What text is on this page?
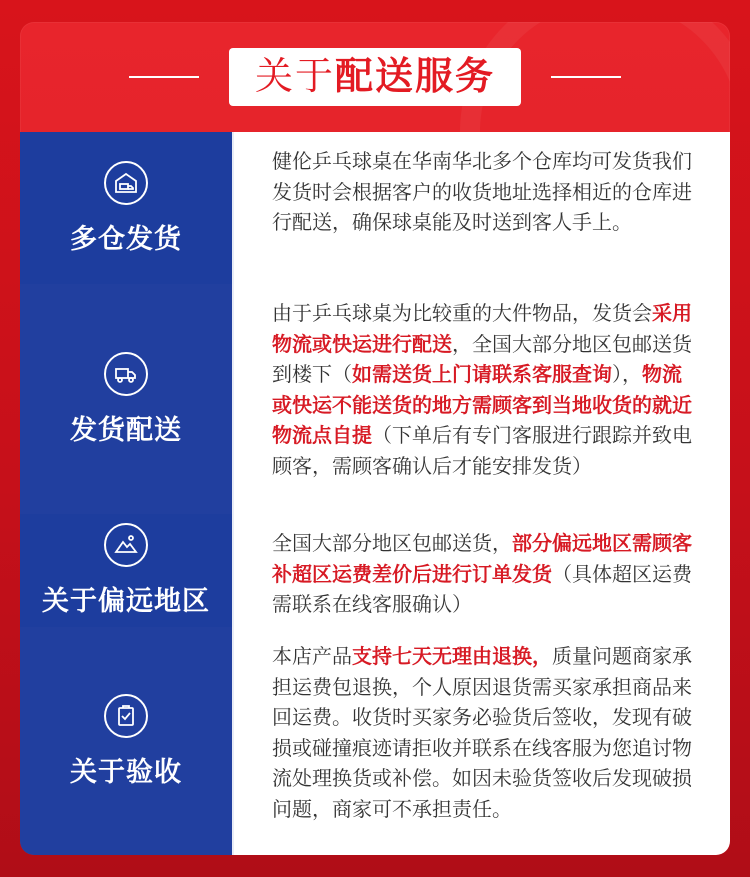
关于配送服务
多仓发货
健伦乒乓球桌在华南华北多个仓库均可发货我们发货时会根据客户的收货地址选择相近的仓库进行配送，确保球桌能及时送到客人手上。
发货配送
由于乒乓球桌为比较重的大件物品，发货会采用物流或快运进行配送，全国大部分地区包邮送货到楼下（如需送货上门请联系客服查询），物流或快运不能送货的地方需顾客到当地收货的就近物流点自提（下单后有专门客服进行跟踪并致电顾客，需顾客确认后才能安排发货）
关于偏远地区
全国大部分地区包邮送货，部分偏远地区需顾客补超区运费差价后进行订单发货（具体超区运费需联系在线客服确认）
关于验收
本店产品支持七天无理由退换，质量问题商家承担运费包退换，个人原因退货需买家承担商品来回运费。收货时买家务必验货后签收，发现有破损或碰撞痕迹请拒收并联系在线客服为您追讨物流处理换货或补偿。如因未验货签收后发现破损问题，商家可不承担责任。
